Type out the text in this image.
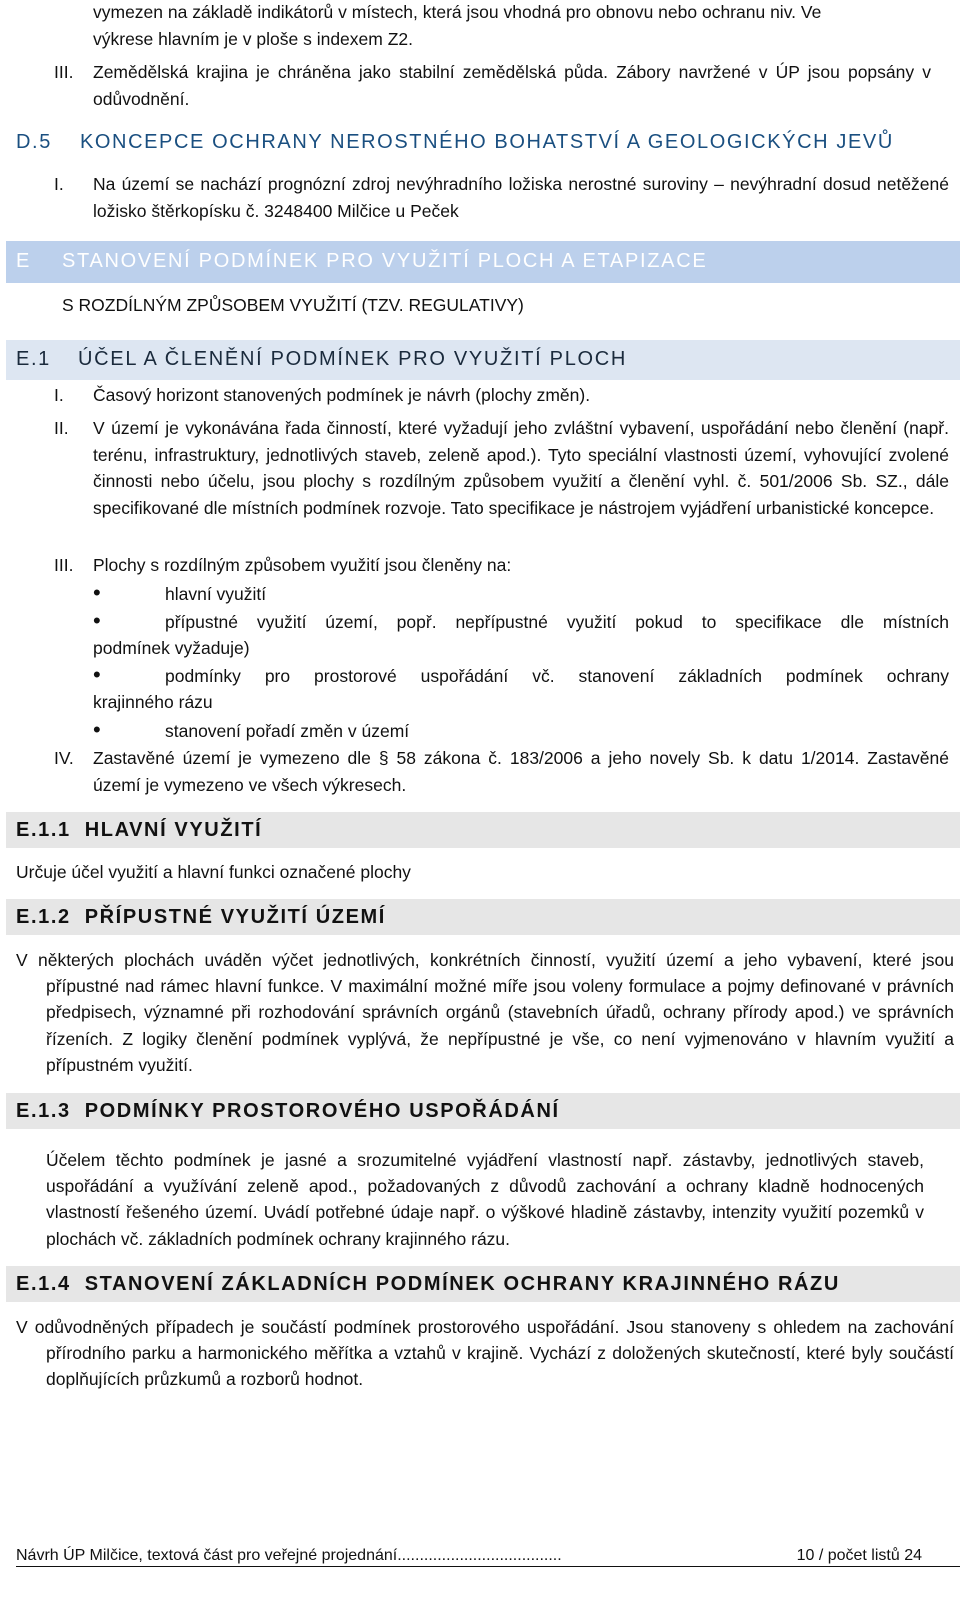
vymezen na základě indikátorů v místech, která jsou vhodná pro obnovu nebo ochranu niv. Ve
výkrese hlavním je v ploše s indexem Z2.
III. Zemědělská krajina je chráněna jako stabilní zemědělská půda. Zábory navržené v ÚP jsou popsány v odůvodnění.
D.5 KONCEPCE OCHRANY NEROSTNÉHO BOHATSTVÍ A GEOLOGICKÝCH JEVŮ
I. Na území se nachází prognózní zdroj nevýhradního ložiska nerostné suroviny – nevýhradní dosud netěžené ložisko štěrkopísku č. 3248400 Milčice u Peček
E STANOVENÍ PODMÍNEK PRO VYUŽITÍ PLOCH A ETAPIZACE
S ROZDÍLNÝM ZPŮSOBEM VYUŽITÍ (TZV. REGULATIVY)
E.1 ÚČEL A ČLENĚNÍ PODMÍNEK PRO VYUŽITÍ PLOCH
I. Časový horizont stanovených podmínek je návrh (plochy změn).
II. V území je vykonávána řada činností, které vyžadují jeho zvláštní vybavení, uspořádání nebo členění (např. terénu, infrastruktury, jednotlivých staveb, zeleně apod.). Tyto speciální vlastnosti území, vyhovující zvolené činnosti nebo účelu, jsou plochy s rozdílným způsobem využití a členění vyhl. č. 501/2006 Sb. SZ., dále specifikované dle místních podmínek rozvoje. Tato specifikace je nástrojem vyjádření urbanistické koncepce.
III. Plochy s rozdílným způsobem využití jsou členěny na:
•	hlavní využití
•	přípustné využití území, popř. nepřípustné využití pokud to specifikace dle místních
podmínek vyžaduje)
•	podmínky pro prostorové uspořádání vč. stanovení základních podmínek ochrany
krajinného rázu
•	stanovení pořadí změn v území
IV. Zastavěné území je vymezeno dle § 58 zákona č. 183/2006 a jeho novely Sb. k datu 1/2014. Zastavěné území je vymezeno ve všech výkresech.
E.1.1 HLAVNÍ VYUŽITÍ
Určuje účel využití a hlavní funkci označené plochy
E.1.2 PŘÍPUSTNÉ VYUŽITÍ ÚZEMÍ
V některých plochách uváděn výčet jednotlivých, konkrétních činností, využití území a jeho vybavení, které jsou přípustné nad rámec hlavní funkce. V maximální možné míře jsou voleny formulace a pojmy definované v právních předpisech, významné při rozhodování správních orgánů (stavebních úřadů, ochrany přírody apod.) ve správních řízeních. Z logiky členění podmínek vyplývá, že nepřípustné je vše, co není vyjmenováno v hlavním využití a přípustném využití.
E.1.3 PODMÍNKY PROSTOROVÉHO USPOŘÁDÁNÍ
Účelem těchto podmínek je jasné a srozumitelné vyjádření vlastností např. zástavby, jednotlivých staveb, uspořádání a využívání zeleně apod., požadovaných z důvodů zachování a ochrany kladně hodnocených vlastností řešeného území. Uvádí potřebné údaje např. o výškové hladině zástavby, intenzity využití pozemků v plochách vč. základních podmínek ochrany krajinného rázu.
E.1.4 STANOVENÍ ZÁKLADNÍCH PODMÍNEK OCHRANY KRAJINNÉHO RÁZU
V odůvodněných případech je součástí podmínek prostorového uspořádání. Jsou stanoveny s ohledem na zachování přírodního parku a harmonického měřítka a vztahů v krajině. Vychází z doložených skutečností, které byly součástí doplňujících průzkumů a rozborů hodnot.
Návrh ÚP Milčice, textová část pro veřejné projednání.....................................	10 / počet listů 24
